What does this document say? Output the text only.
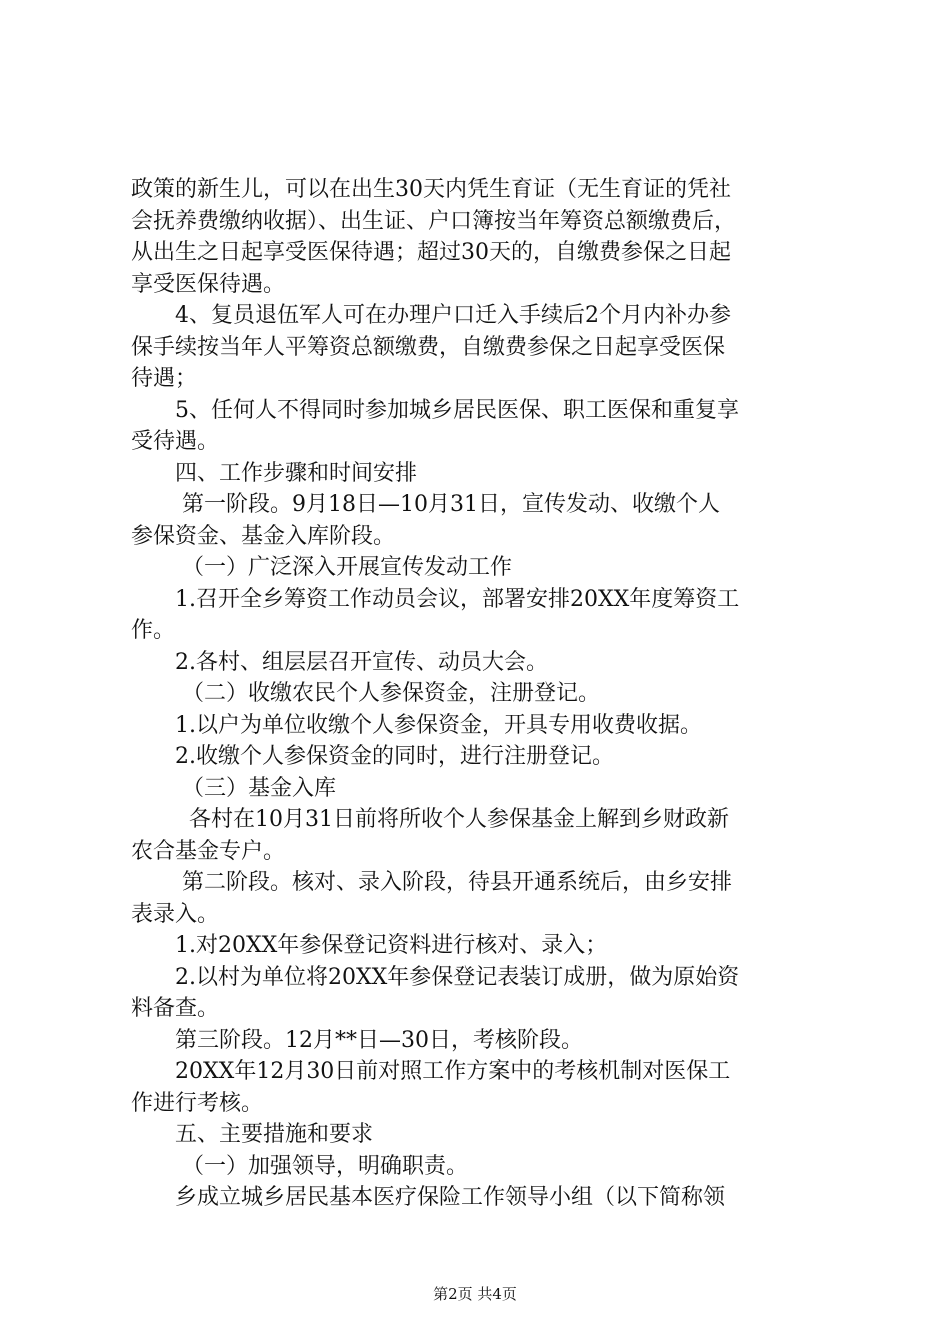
政策的新生儿，可以在出生30天内凭生育证（无生育证的凭社
会抚养费缴纳收据）、出生证、户口簿按当年筹资总额缴费后，
从出生之日起享受医保待遇；超过30天的，自缴费参保之日起
享受医保待遇。
4、复员退伍军人可在办理户口迁入手续后2个月内补办参
保手续按当年人平筹资总额缴费，自缴费参保之日起享受医保
待遇；
5、任何人不得同时参加城乡居民医保、职工医保和重复享
受待遇。
四、工作步骤和时间安排
第一阶段。9月18日—10月31日，宣传发动、收缴个人
参保资金、基金入库阶段。
（一）广泛深入开展宣传发动工作
1.召开全乡筹资工作动员会议，部署安排20XX年度筹资工
作。
2.各村、组层层召开宣传、动员大会。
（二）收缴农民个人参保资金，注册登记。
1.以户为单位收缴个人参保资金，开具专用收费收据。
2.收缴个人参保资金的同时，进行注册登记。
（三）基金入库
各村在10月31日前将所收个人参保基金上解到乡财政新
农合基金专户。
第二阶段。核对、录入阶段，待县开通系统后，由乡安排
表录入。
1.对20XX年参保登记资料进行核对、录入；
2.以村为单位将20XX年参保登记表装订成册，做为原始资
料备查。
第三阶段。12月**日—30日，考核阶段。
20XX年12月30日前对照工作方案中的考核机制对医保工
作进行考核。
五、主要措施和要求
（一）加强领导，明确职责。
乡成立城乡居民基本医疗保险工作领导小组（以下简称领
第2页 共4页
